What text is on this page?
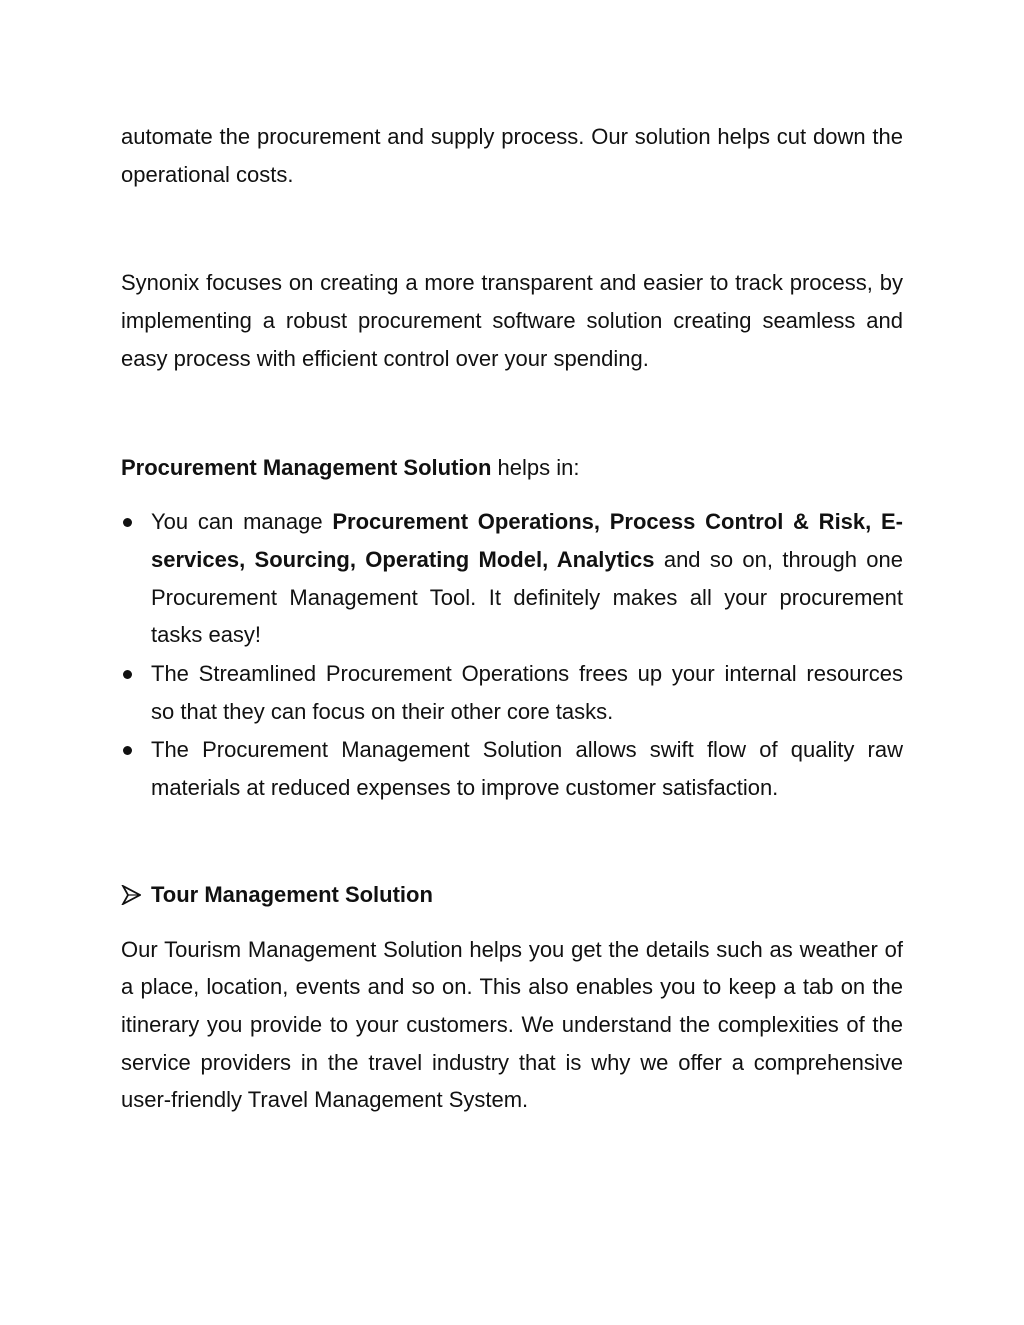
automate the procurement and supply process. Our solution helps cut down the operational costs.

Synonix focuses on creating a more transparent and easier to track process, by implementing a robust procurement software solution creating seamless and easy process with efficient control over your spending.

Procurement Management Solution helps in:

You can manage Procurement Operations, Process Control & Risk, E-services, Sourcing, Operating Model, Analytics and so on, through one Procurement Management Tool. It definitely makes all your procurement tasks easy!
The Streamlined Procurement Operations frees up your internal resources so that they can focus on their other core tasks.
The Procurement Management Solution allows swift flow of quality raw materials at reduced expenses to improve customer satisfaction.
Tour Management Solution

Our Tourism Management Solution helps you get the details such as weather of a place, location, events and so on. This also enables you to keep a tab on the itinerary you provide to your customers. We understand the complexities of the service providers in the travel industry that is why we offer a comprehensive user-friendly Travel Management System.
